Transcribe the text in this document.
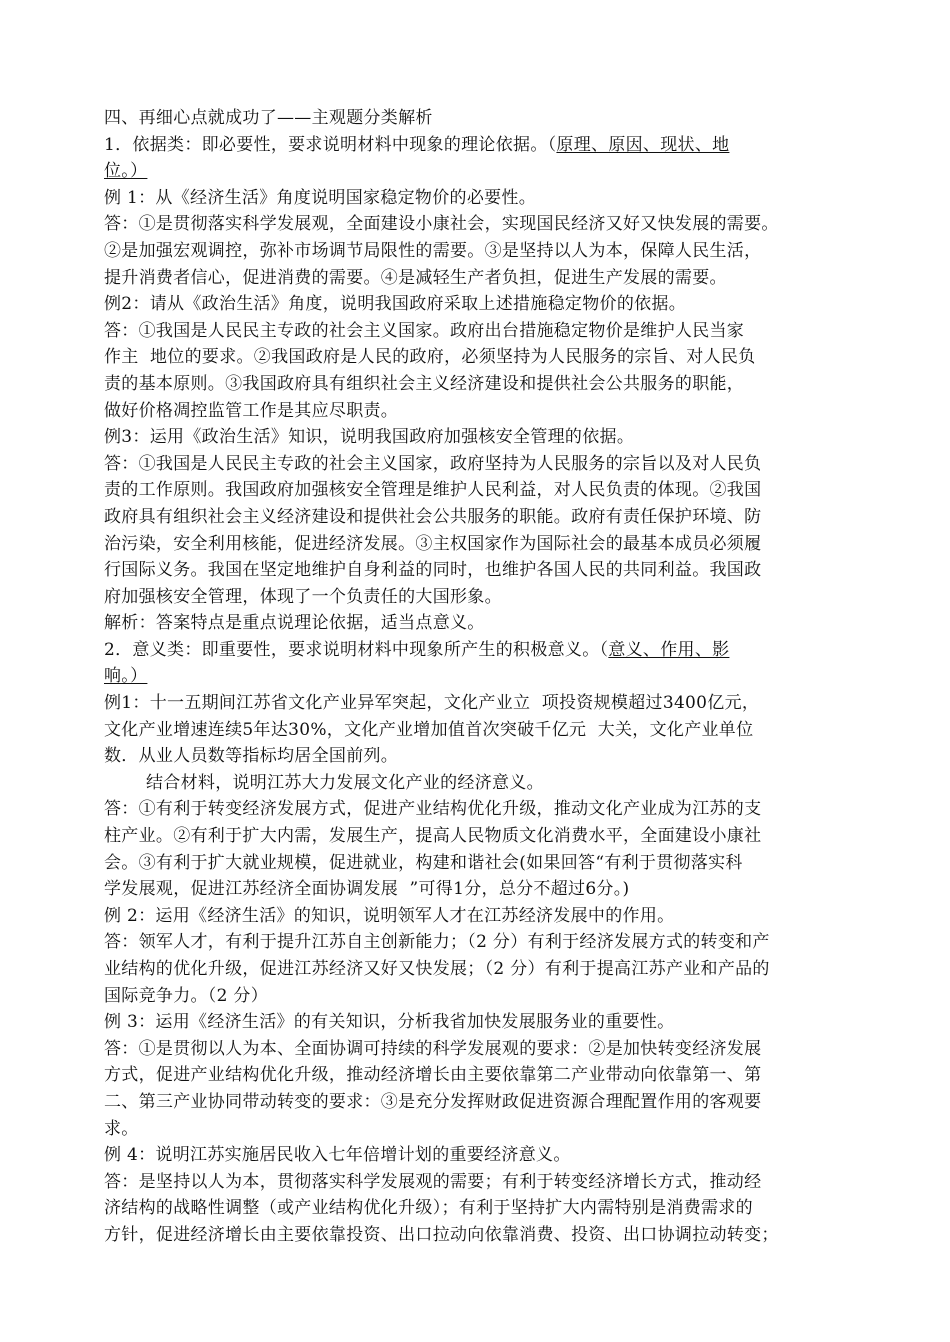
四、再细心点就成功了——主观题分类解析
1．依据类：即必要性，要求说明材料中现象的理论依据。（原理、原因、现状、地
位。）
例 1：从《经济生活》角度说明国家稳定物价的必要性。
答：①是贯彻落实科学发展观，全面建设小康社会，实现国民经济又好又快发展的需要。
②是加强宏观调控，弥补市场调节局限性的需要。③是坚持以人为本，保障人民生活，
提升消费者信心，促进消费的需要。④是减轻生产者负担，促进生产发展的需要。
例2：请从《政治生活》角度，说明我国政府采取上述措施稳定物价的依据。
答：①我国是人民民主专政的社会主义国家。政府出台措施稳定物价是维护人民当家
作主  地位的要求。②我国政府是人民的政府，必须坚持为人民服务的宗旨、对人民负
责的基本原则。③我国政府具有组织社会主义经济建设和提供社会公共服务的职能，
做好价格凋控监管工作是其应尽职责。
例3：运用《政治生活》知识，说明我国政府加强核安全管理的依据。
答：①我国是人民民主专政的社会主义国家，政府坚持为人民服务的宗旨以及对人民负
责的工作原则。我国政府加强核安全管理是维护人民利益，对人民负责的体现。②我国
政府具有组织社会主义经济建设和提供社会公共服务的职能。政府有责任保护环境、防
治污染，安全利用核能，促进经济发展。③主权国家作为国际社会的最基本成员必须履
行国际义务。我国在坚定地维护自身利益的同时，也维护各国人民的共同利益。我国政
府加强核安全管理，体现了一个负责任的大国形象。
解析：答案特点是重点说理论依据，适当点意义。
2．意义类：即重要性，要求说明材料中现象所产生的积极意义。（意义、作用、影
响。）
例1：十一五期间江苏省文化产业异军突起，文化产业立  项投资规模超过3400亿元，
文化产业增速连续5年达30%，文化产业增加值首次突破千亿元  大关，文化产业单位
数．从业人员数等指标均居全国前列。
结合材料，说明江苏大力发展文化产业的经济意义。
答：①有利于转变经济发展方式，促进产业结构优化升级，推动文化产业成为江苏的支
柱产业。②有利于扩大内需，发展生产，提高人民物质文化消费水平，全面建设小康社
会。③有利于扩大就业规模，促进就业，构建和谐社会(如果回答“有利于贯彻落实科
学发展观，促进江苏经济全面协调发展  ”可得1分，总分不超过6分。)
例 2：运用《经济生活》的知识，说明领军人才在江苏经济发展中的作用。
答：领军人才，有利于提升江苏自主创新能力；（2 分）有利于经济发展方式的转变和产
业结构的优化升级，促进江苏经济又好又快发展；（2 分）有利于提高江苏产业和产品的
国际竞争力。（2 分）
例 3：运用《经济生活》的有关知识，分析我省加快发展服务业的重要性。
答：①是贯彻以人为本、全面协调可持续的科学发展观的要求：②是加快转变经济发展
方式，促进产业结构优化升级，推动经济增长由主要依靠第二产业带动向依靠第一、第
二、第三产业协同带动转变的要求：③是充分发挥财政促进资源合理配置作用的客观要
求。
例 4：说明江苏实施居民收入七年倍增计划的重要经济意义。
答：是坚持以人为本，贯彻落实科学发展观的需要；有利于转变经济增长方式，推动经
济结构的战略性调整（或产业结构优化升级）；有利于坚持扩大内需特别是消费需求的
方针，促进经济增长由主要依靠投资、出口拉动向依靠消费、投资、出口协调拉动转变；
